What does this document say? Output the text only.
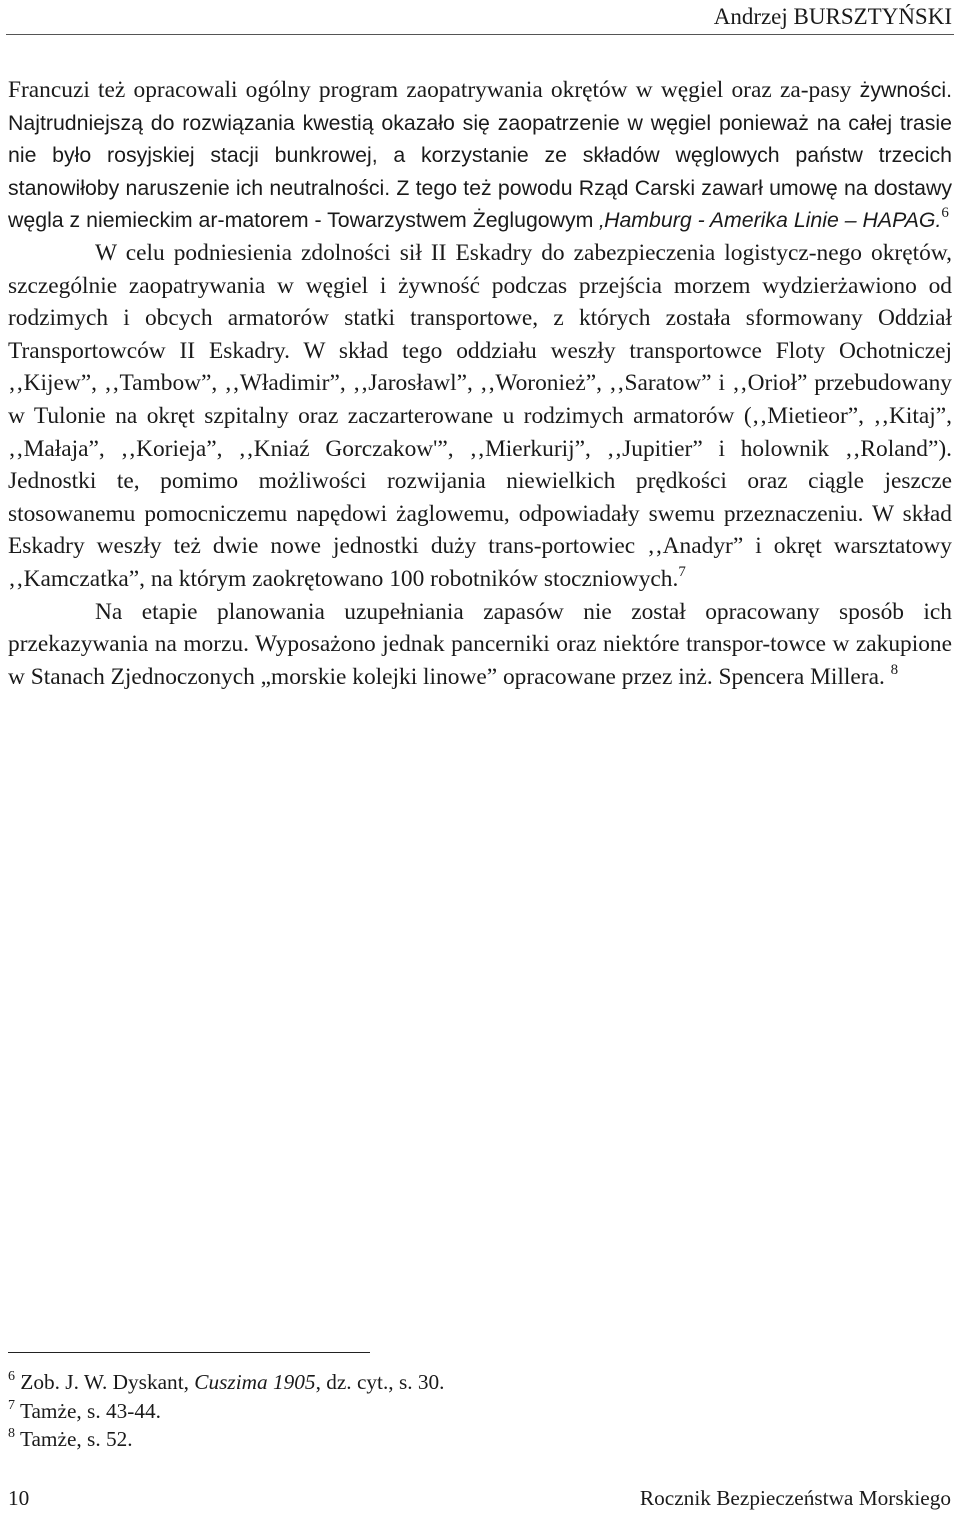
Andrzej BURSZTYŃSKI

Francuzi też opracowali ogólny program zaopatrywania okrętów w węgiel oraz za-pasy żywności. Najtrudniejszą do rozwiązania kwestią okazało się zaopatrzenie w węgiel ponieważ na całej trasie nie było rosyjskiej stacji bunkrowej, a korzystanie ze składów węglowych państw trzecich stanowiłoby naruszenie ich neutralności. Z tego też powodu Rząd Carski zawarł umowę na dostawy węgla z niemieckim ar-matorem - Towarzystwem Żeglugowym ‚Hamburg - Amerika Linie – HAPAG.$^6$

W celu podniesienia zdolności sił II Eskadry do zabezpieczenia logistycz-nego okrętów, szczególnie zaopatrywania w węgiel i żywność podczas przejścia morzem wydzierżawiono od rodzimych i obcych armatorów statki transportowe, z których została sformowany Oddział Transportowców II Eskadry. W skład tego oddziału weszły transportowce Floty Ochotniczej ‚‚Kijew”, ‚‚Tambow”, ‚‚Władimir”, ‚‚Jarosławl”, ‚‚Woronież”, ‚‚Saratow” i ‚‚Orioł” przebudowany w Tulonie na okręt szpitalny oraz zaczarterowane u rodzimych armatorów (‚‚Mietieor”, ‚‚Kitaj”, ‚‚Małaja”, ‚‚Korieja”, ‚‚Kniaź Gorczakow'”, ‚‚Mierkurij”, ‚‚Jupitier” i holownik ‚‚Roland”). Jednostki te, pomimo możliwości rozwijania niewielkich prędkości oraz ciągle jeszcze stosowanemu pomocniczemu napędowi żaglowemu, odpowiadały swemu przeznaczeniu. W skład Eskadry weszły też dwie nowe jednostki duży trans-portowiec ‚‚Anadyr” i okręt warsztatowy ‚‚Kamczatka”, na którym zaokrętowano 100 robotników stoczniowych.$^7$

Na etapie planowania uzupełniania zapasów nie został opracowany sposób ich przekazywania na morzu. Wyposażono jednak pancerniki oraz niektóre transpor-towce w zakupione w Stanach Zjednoczonych „morskie kolejki linowe” opracowane przez inż. Spencera Millera. $^8$

$^6$ Zob. J. W. Dyskant, Cuszima 1905, dz. cyt., s. 30.

$^7$ Tamże, s. 43-44.

$^8$ Tamże, s. 52.

10	Rocznik Bezpieczeństwa Morskiego
